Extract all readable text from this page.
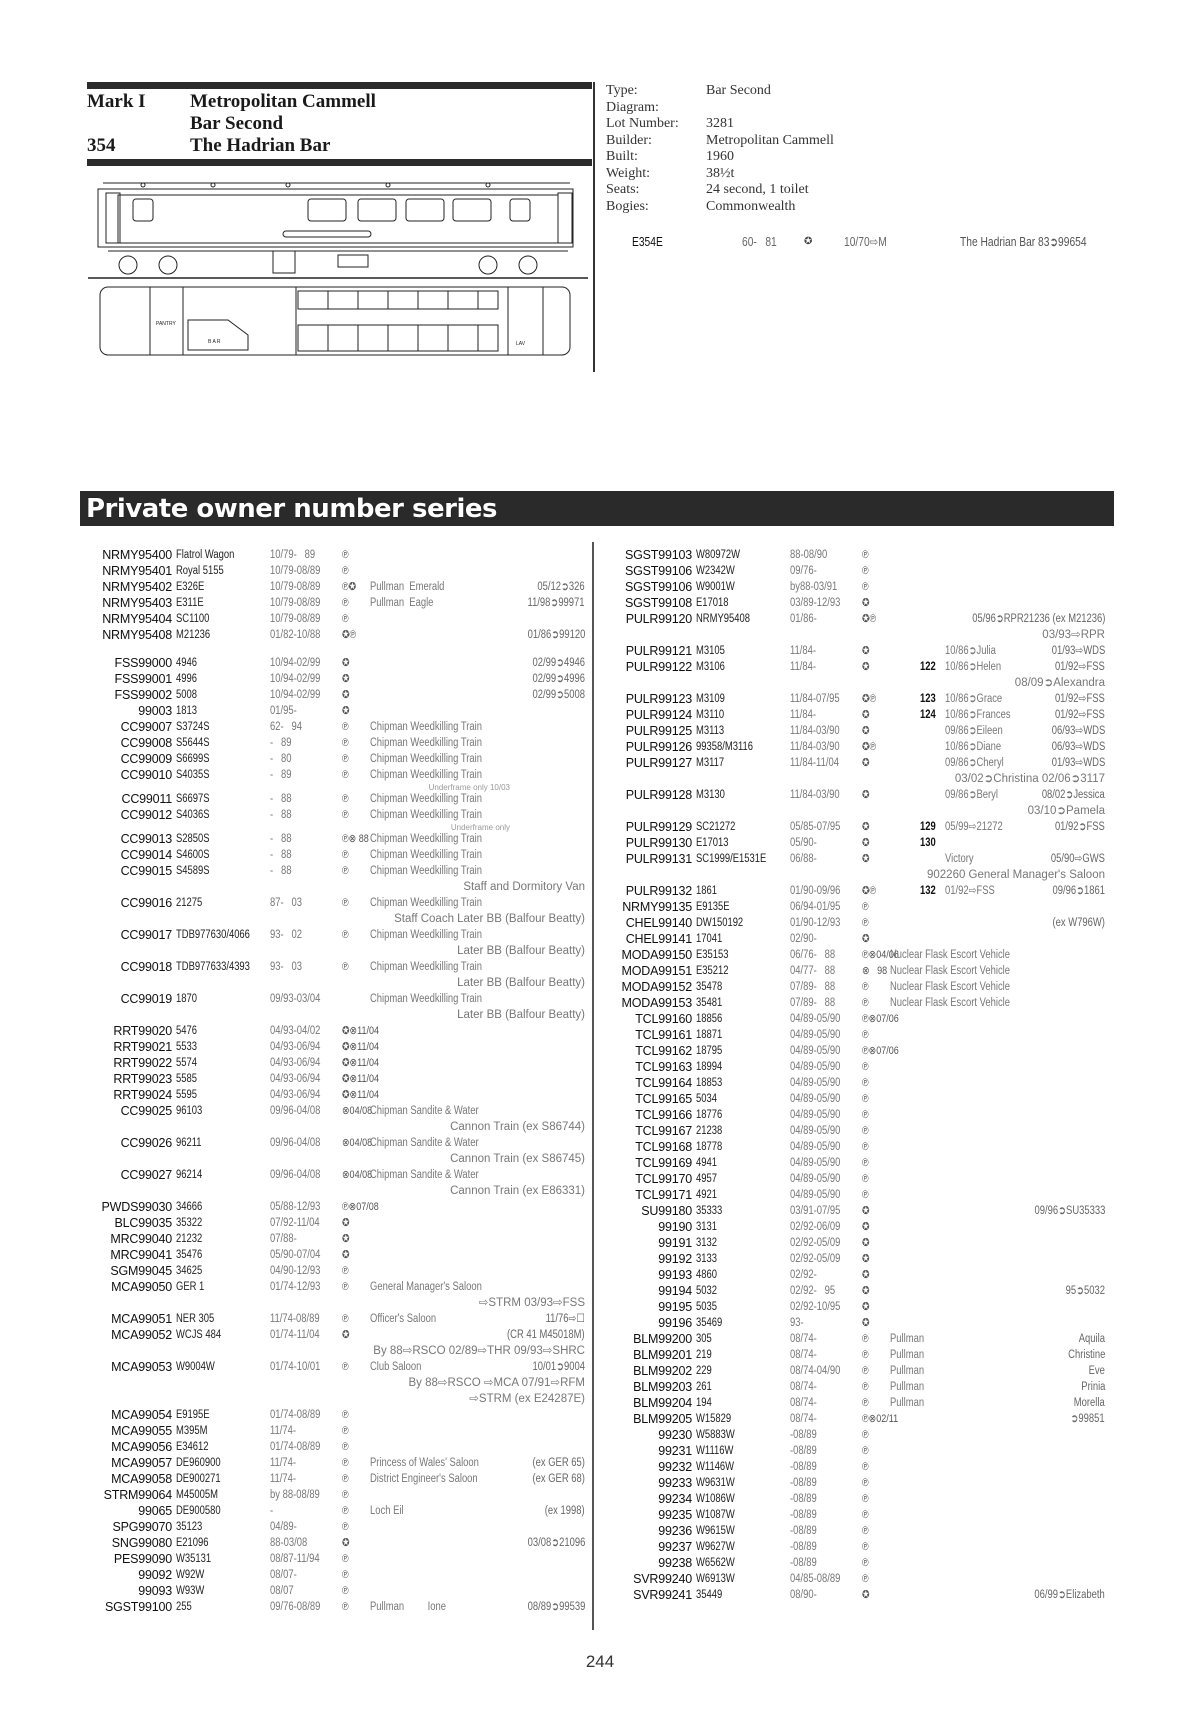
Mark I
354
Metropolitan Cammell
Bar Second
The Hadrian Bar
PANTRY
B A R	LAV
Type:	Bar Second
Diagram:
Lot Number: 3281
Builder:	Metropolitan Cammell
Built:	1960
Weight:	38½t
Seats:	24 second, 1 toilet
Bogies:	Commonwealth
E354E	60-   81	✪	10/70⇨M	The Hadrian Bar 83➲99654
Private owner number series
NRMY95400 Flatrol Wagon	10/79-   89 ℗
NRMY95401 Royal 5155	10/79-08/89 ℗
NRMY95402 E326E	10/79-08/89 ℗✪ Pullman  Emerald	05/12➲326
NRMY95403 E311E	10/79-08/89 ℗ Pullman  Eagle	11/98➲99971
NRMY95404 SC1100	10/79-08/89 ℗
NRMY95408 M21236	01/82-10/88 ✪℗	01/86➲99120
FSS99000 4946	10/94-02/99 ✪	02/99➲4946
FSS99001 4996	10/94-02/99 ✪	02/99➲4996
FSS99002 5008	10/94-02/99 ✪	02/99➲5008
99003 1813	01/95-	✪
CC99007 S3724S	62-   94	℗ Chipman Weedkilling Train
CC99008 S5644S	-   89	℗ Chipman Weedkilling Train
CC99009 S6699S	-   80	℗ Chipman Weedkilling Train
CC99010 S4035S	-   89	℗ Chipman Weedkilling Train
Underframe only 10/03
CC99011 S6697S	-   88	℗ Chipman Weedkilling Train
CC99012 S4036S	-   88	℗ Chipman Weedkilling Train
Underframe only
CC99013 S2850S	-   88	℗⊗ 88 Chipman Weedkilling Train
CC99014 S4600S	-   88	℗ Chipman Weedkilling Train
CC99015 S4589S	-   88	℗ Chipman Weedkilling Train
Staff and Dormitory Van
CC99016 21275	87-   03	℗ Chipman Weedkilling Train
Staff Coach Later BB (Balfour Beatty)
CC99017 TDB977630/4066 93-   02	℗ Chipman Weedkilling Train
Later BB (Balfour Beatty)
CC99018 TDB977633/4393 93-   03	℗ Chipman Weedkilling Train
Later BB (Balfour Beatty)
CC99019 1870	09/93-03/04	Chipman Weedkilling Train
Later BB (Balfour Beatty)
RRT99020 5476	04/93-04/02 ✪⊗11/04
RRT99021 5533	04/93-06/94 ✪⊗11/04
RRT99022 5574	04/93-06/94 ✪⊗11/04
RRT99023 5585	04/93-06/94 ✪⊗11/04
RRT99024 5595	04/93-06/94 ✪⊗11/04
CC99025 96103	09/96-04/08 ⊗04/08
Chipman Sandite & Water
Cannon Train (ex S86744)
CC99026 96211	09/96-04/08 ⊗04/08
Chipman Sandite & Water
Cannon Train (ex S86745)
CC99027 96214	09/96-04/08 ⊗04/08
Chipman Sandite & Water
Cannon Train (ex E86331)
PWDS99030 34666	05/88-12/93 ℗⊗07/08
BLC99035 35322	07/92-11/04 ✪
MRC99040 21232	07/88-	✪
MRC99041 35476	05/90-07/04 ✪
SGM99045 34625	04/90-12/93 ℗
MCA99050 GER 1	01/74-12/93 ℗ General Manager's Saloon
⇨STRM 03/93⇨FSS
MCA99051 NER 305	11/74-08/89 ℗ Officer's Saloon	11/76⇨☐
MCA99052 WCJS 484	01/74-11/04 ✪	(CR 41 M45018M)
By 88⇨RSCO 02/89⇨THR 09/93⇨SHRC
MCA99053 W9004W	01/74-10/01 ℗ Club Saloon	10/01➲9004
By 88⇨RSCO ⇨MCA 07/91⇨RFM
⇨STRM (ex E24287E)
MCA99054 E9195E	01/74-08/89 ℗
MCA99055 M395M	11/74-	℗
MCA99056 E34612	01/74-08/89 ℗
MCA99057 DE960900	11/74-	℗ Princess of Wales' Saloon	(ex GER 65)
MCA99058 DE900271	11/74-	℗ District Engineer's Saloon	(ex GER 68)
STRM99064 M45005M	by 88-08/89 ℗
99065 DE900580	-	℗ Loch Eil	(ex 1998)
SPG99070 35123	04/89-	℗
SNG99080 E21096	88-03/08	✪	03/08➲21096
PES99090 W35131	08/87-11/94 ℗
99092 W92W	08/07-	℗
99093 W93W	08/07	℗
SGST99100 255	09/76-08/89 ℗ Pullman         Ione	08/89➲99539
SGST99103 W80972W	88-08/90	℗
SGST99106 W2342W	09/76-	℗
SGST99106 W9001W	by88-03/91 ℗
SGST99108 E17018	03/89-12/93 ✪
PULR99120 NRMY95408	01/86-	✪℗	05/96➲RPR21236 (ex M21236)
03/93⇨RPR
PULR99121 M3105	11/84-	✪	10/86➲Julia	01/93⇨WDS
PULR99122 M3106	11/84-	✪	122 10/86➲Helen	01/92⇨FSS
08/09➲Alexandra
PULR99123 M3109	11/84-07/95 ✪℗	123 10/86➲Grace	01/92⇨FSS
PULR99124 M3110	11/84-	✪	124 10/86➲Frances	01/92⇨FSS
PULR99125 M3113	11/84-03/90 ✪	09/86➲Eileen	06/93⇨WDS
PULR99126 99358/M3116	11/84-03/90 ✪℗	10/86➲Diane	06/93⇨WDS
PULR99127 M3117	11/84-11/04 ✪	09/86➲Cheryl	01/93⇨WDS
03/02➲Christina 02/06➲3117
PULR99128 M3130	11/84-03/90 ✪	09/86➲Beryl	08/02➲Jessica
03/10➲Pamela
PULR99129 SC21272	05/85-07/95 ✪	129 05/99⇨21272	01/92➲FSS
PULR99130 E17013	05/90-	✪	130
PULR99131 SC1999/E1531E 06/88-	✪	Victory	05/90⇨GWS
902260 General Manager's Saloon
PULR99132 1861	01/90-09/96 ✪℗	132 01/92⇨FSS	09/96➲1861
NRMY99135 E9135E	06/94-01/95 ℗
CHEL99140 DW150192	01/90-12/93 ℗	(ex W796W)
CHEL99141 17041	02/90-	✪
MODA99150 E35153	06/76-   88 ℗⊗04/06
Nuclear Flask Escort Vehicle
MODA99151 E35212	04/77-   88 ⊗   98 Nuclear Flask Escort Vehicle
MODA99152 35478	07/89-   88 ℗ Nuclear Flask Escort Vehicle
MODA99153 35481	07/89-   88 ℗ Nuclear Flask Escort Vehicle
TCL99160 18856	04/89-05/90 ℗⊗07/06
TCL99161 18871	04/89-05/90 ℗
TCL99162 18795	04/89-05/90 ℗⊗07/06
TCL99163 18994	04/89-05/90 ℗
TCL99164 18853	04/89-05/90 ℗
TCL99165 5034	04/89-05/90 ℗
TCL99166 18776	04/89-05/90 ℗
TCL99167 21238	04/89-05/90 ℗
TCL99168 18778	04/89-05/90 ℗
TCL99169 4941	04/89-05/90 ℗
TCL99170 4957	04/89-05/90 ℗
TCL99171 4921	04/89-05/90 ℗
SU99180 35333	03/91-07/95 ✪	09/96➲SU35333
99190 3131	02/92-06/09 ✪
99191 3132	02/92-05/09 ✪
99192 3133	02/92-05/09 ✪
99193 4860	02/92-	✪
99194 5032	02/92-   95 ✪	95➲5032
99195 5035	02/92-10/95 ✪
99196 35469	93-	✪
BLM99200 305	08/74-	℗ Pullman	Aquila
BLM99201 219	08/74-	℗ Pullman	Christine
BLM99202 229	08/74-04/90 ℗ Pullman	Eve
BLM99203 261	08/74-	℗ Pullman	Prinia
BLM99204 194	08/74-	℗ Pullman	Morella
BLM99205 W15829	08/74-	℗⊗02/11	➲99851
99230 W5883W	-08/89	℗
99231 W1116W	-08/89	℗
99232 W1146W	-08/89	℗
99233 W9631W	-08/89	℗
99234 W1086W	-08/89	℗
99235 W1087W	-08/89	℗
99236 W9615W	-08/89	℗
99237 W9627W	-08/89	℗
99238 W6562W	-08/89	℗
SVR99240 W6913W	04/85-08/89 ℗
SVR99241 35449	08/90-	✪	06/99➲Elizabeth
244
